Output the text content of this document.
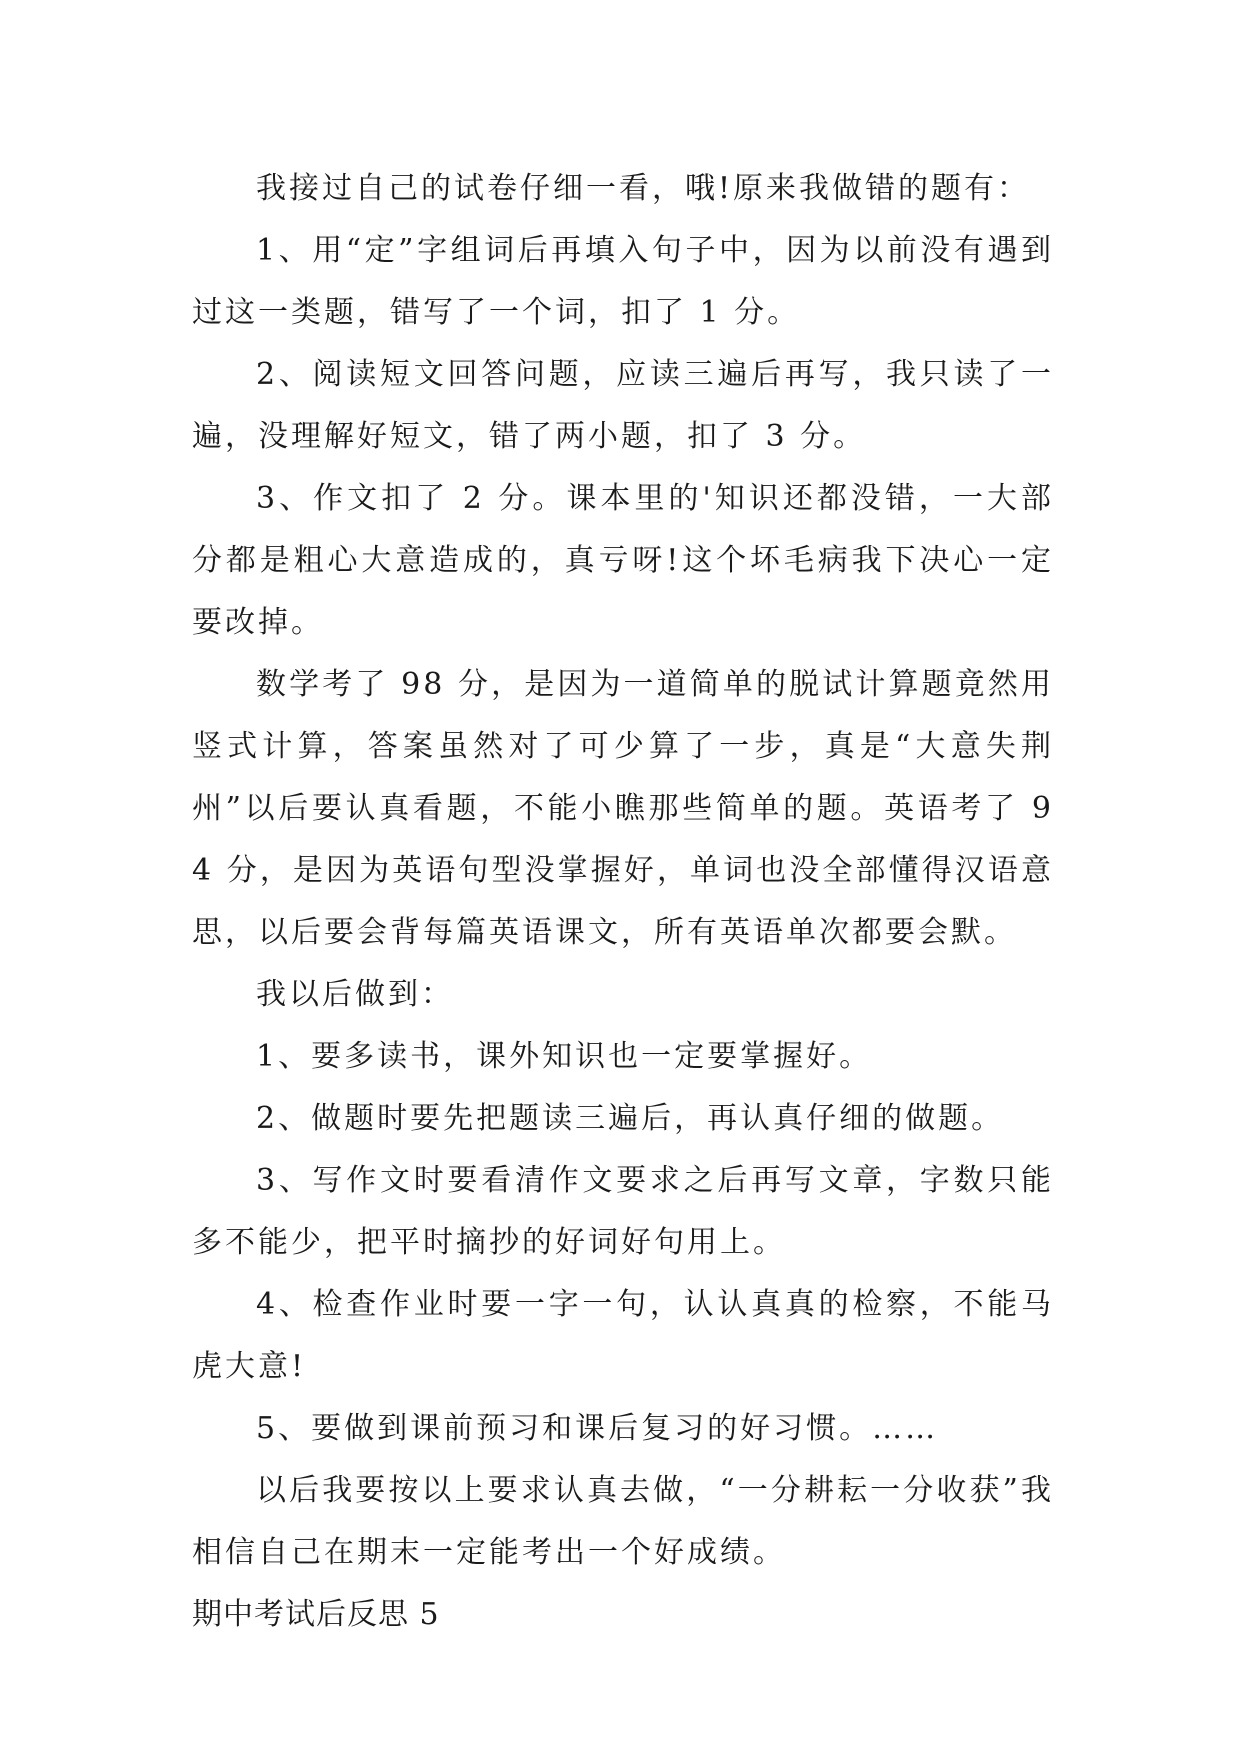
我接过自己的试卷仔细一看，哦!原来我做错的题有：

1、用“定”字组词后再填入句子中，因为以前没有遇到过这一类题，错写了一个词，扣了 1 分。

2、阅读短文回答问题，应读三遍后再写，我只读了一遍，没理解好短文，错了两小题，扣了 3 分。

3、作文扣了 2 分。课本里的'知识还都没错，一大部分都是粗心大意造成的，真亏呀!这个坏毛病我下决心一定要改掉。

数学考了 98 分，是因为一道简单的脱试计算题竟然用竖式计算，答案虽然对了可少算了一步，真是“大意失荆州”以后要认真看题，不能小瞧那些简单的题。英语考了 94 分，是因为英语句型没掌握好，单词也没全部懂得汉语意思，以后要会背每篇英语课文，所有英语单次都要会默。

我以后做到：

1、要多读书，课外知识也一定要掌握好。

2、做题时要先把题读三遍后，再认真仔细的做题。

3、写作文时要看清作文要求之后再写文章，字数只能多不能少，把平时摘抄的好词好句用上。

4、检查作业时要一字一句，认认真真的检察，不能马虎大意!

5、要做到课前预习和课后复习的好习惯。……

以后我要按以上要求认真去做，“一分耕耘一分收获”我相信自己在期末一定能考出一个好成绩。

期中考试后反思 5
